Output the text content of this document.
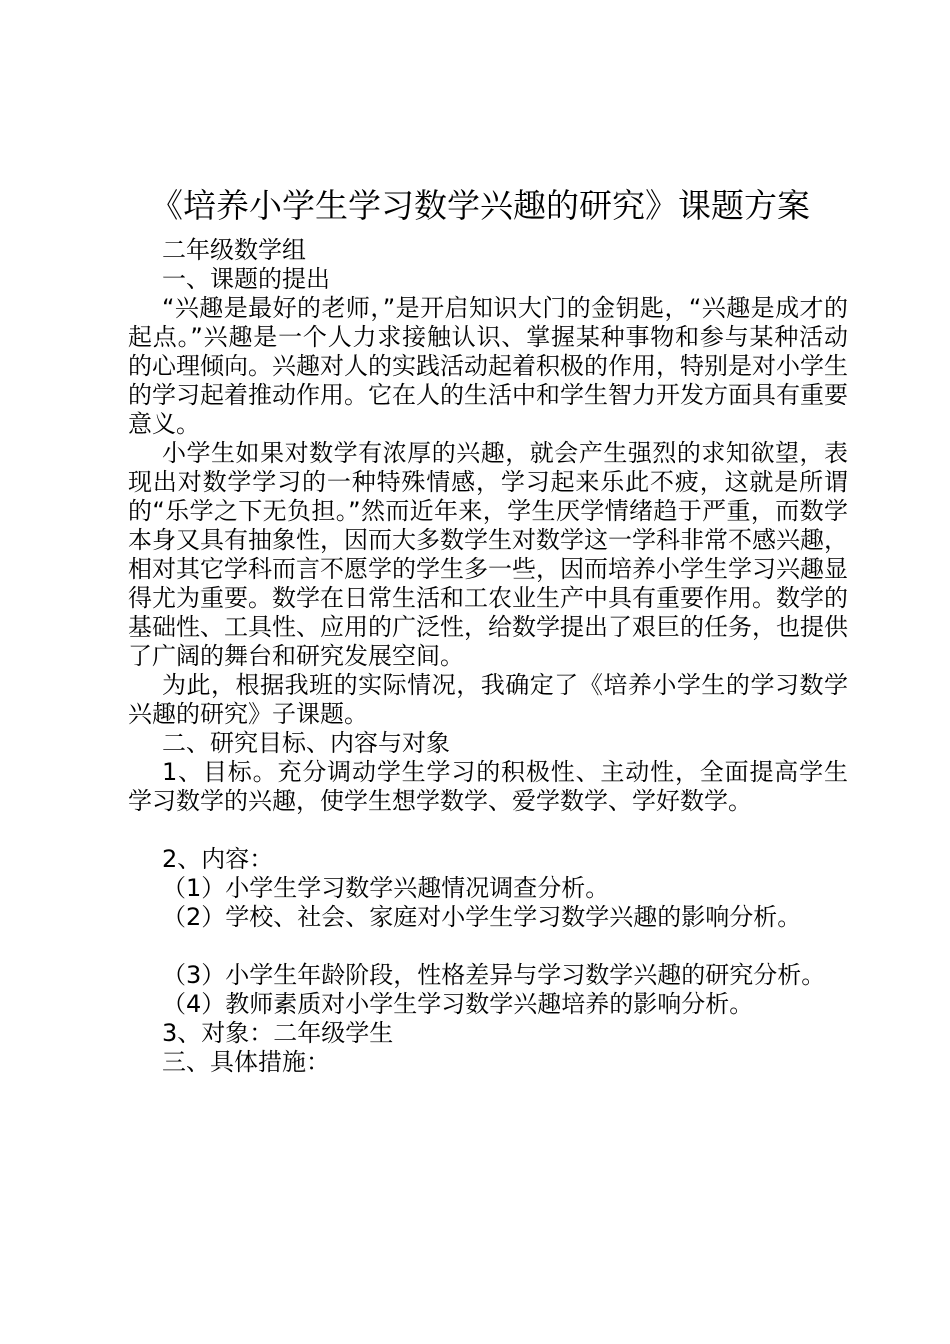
《培养小学生学习数学兴趣的研究》课题方案

二年级数学组

一、课题的提出

“兴趣是最好的老师，”是开启知识大门的金钥匙，“兴趣是成才的起点。”兴趣是一个人力求接触认识、掌握某种事物和参与某种活动的心理倾向。兴趣对人的实践活动起着积极的作用，特别是对小学生的学习起着推动作用。它在人的生活中和学生智力开发方面具有重要意义。

小学生如果对数学有浓厚的兴趣，就会产生强烈的求知欲望，表现出对数学学习的一种特殊情感，学习起来乐此不疲，这就是所谓的“乐学之下无负担。”然而近年来，学生厌学情绪趋于严重，而数学本身又具有抽象性，因而大多数学生对数学这一学科非常不感兴趣，相对其它学科而言不愿学的学生多一些，因而培养小学生学习兴趣显得尤为重要。数学在日常生活和工农业生产中具有重要作用。数学的基础性、工具性、应用的广泛性，给数学提出了艰巨的任务，也提供了广阔的舞台和研究发展空间。

为此，根据我班的实际情况，我确定了《培养小学生的学习数学兴趣的研究》子课题。

二、研究目标、内容与对象

1、目标。充分调动学生学习的积极性、主动性，全面提高学生学习数学的兴趣，使学生想学数学、爱学数学、学好数学。

2、内容：

（1）小学生学习数学兴趣情况调查分析。

（2）学校、社会、家庭对小学生学习数学兴趣的影响分析。

（3）小学生年龄阶段，性格差异与学习数学兴趣的研究分析。

（4）教师素质对小学生学习数学兴趣培养的影响分析。

3、对象：二年级学生

三、具体措施：
